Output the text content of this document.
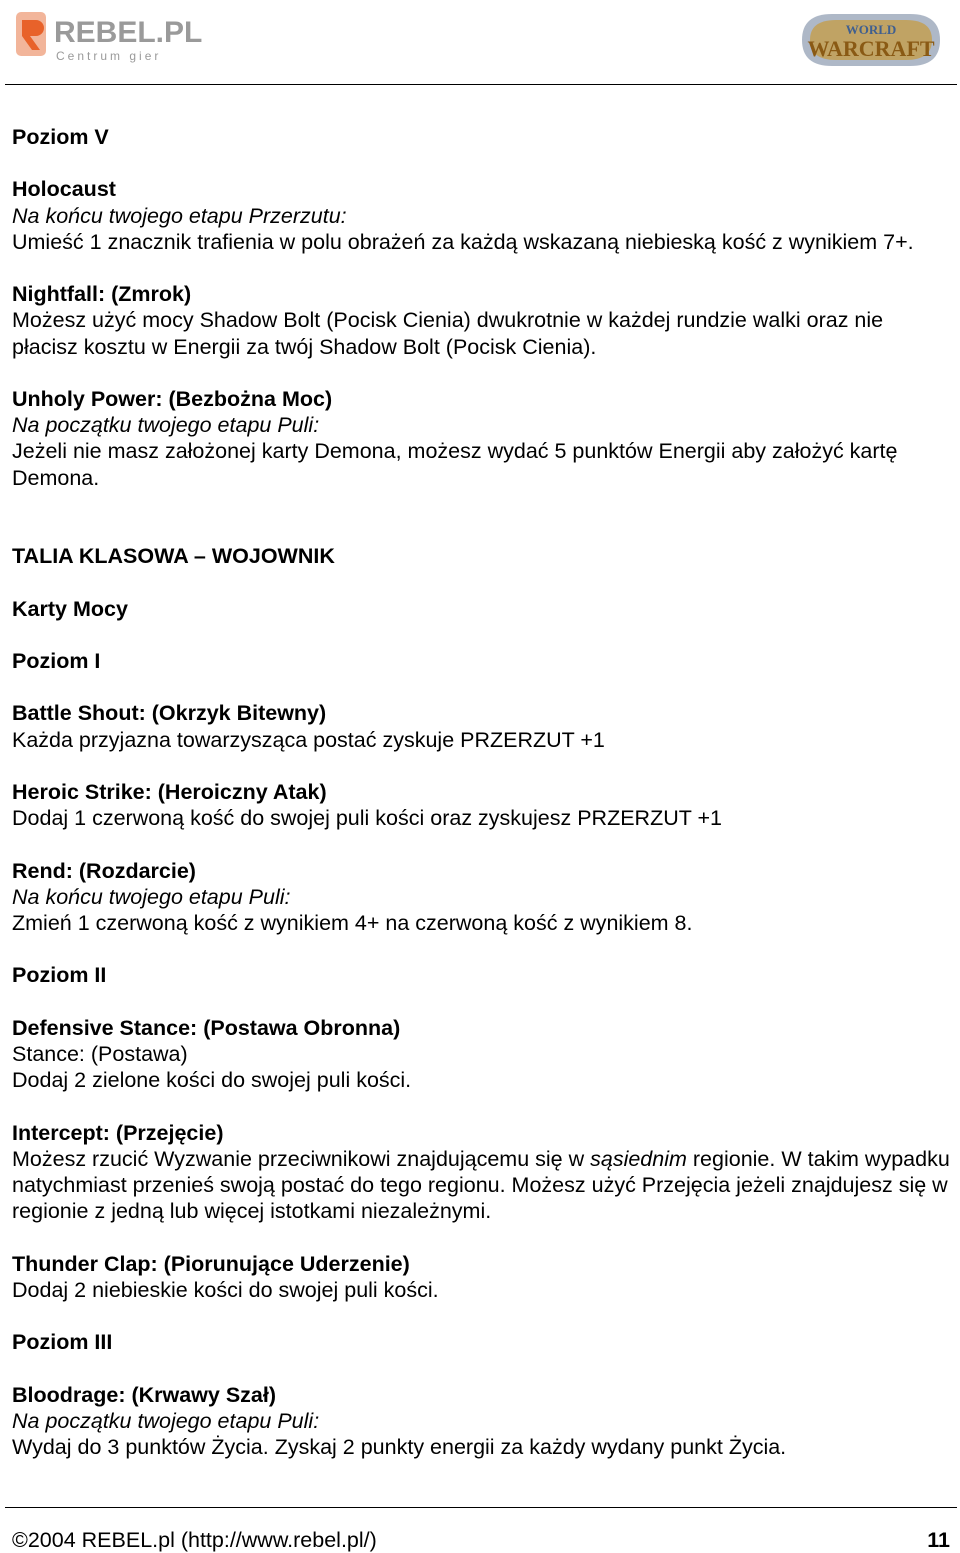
REBEL.PL
Centrum gier
WORLD
WARCRAFT

Poziom V

Holocaust

Na końcu twojego etapu Przerzutu:

Umieść 1 znacznik trafienia w polu obrażeń za każdą wskazaną niebieską kość z wynikiem 7+.

Nightfall: (Zmrok)

Możesz użyć mocy Shadow Bolt (Pocisk Cienia) dwukrotnie w każdej rundzie walki oraz nie płacisz kosztu w Energii za twój Shadow Bolt (Pocisk Cienia).

Unholy Power: (Bezbożna Moc)

Na początku twojego etapu Puli:

Jeżeli nie masz założonej karty Demona, możesz wydać 5 punktów Energii aby założyć kartę Demona.

TALIA KLASOWA – WOJOWNIK

Karty Mocy

Poziom I

Battle Shout: (Okrzyk Bitewny)

Każda przyjazna towarzysząca postać zyskuje PRZERZUT +1

Heroic Strike: (Heroiczny Atak)

Dodaj 1 czerwoną kość do swojej puli kości oraz zyskujesz PRZERZUT +1

Rend: (Rozdarcie)

Na końcu twojego etapu Puli:

Zmień 1 czerwoną kość z wynikiem 4+ na czerwoną kość z wynikiem 8.

Poziom II

Defensive Stance: (Postawa Obronna)

Stance: (Postawa)

Dodaj 2 zielone kości do swojej puli kości.

Intercept: (Przejęcie)

Możesz rzucić Wyzwanie przeciwnikowi znajdującemu się w sąsiednim regionie. W takim wypadku natychmiast przenieś swoją postać do tego regionu. Możesz użyć Przejęcia jeżeli znajdujesz się w regionie z jedną lub więcej istotkami niezależnymi.

Thunder Clap: (Piorunujące Uderzenie)

Dodaj 2 niebieskie kości do swojej puli kości.

Poziom III

Bloodrage: (Krwawy Szał)

Na początku twojego etapu Puli:

Wydaj do 3 punktów Życia. Zyskaj 2 punkty energii za każdy wydany punkt Życia.

©2004 REBEL.pl (http://www.rebel.pl/)	11
